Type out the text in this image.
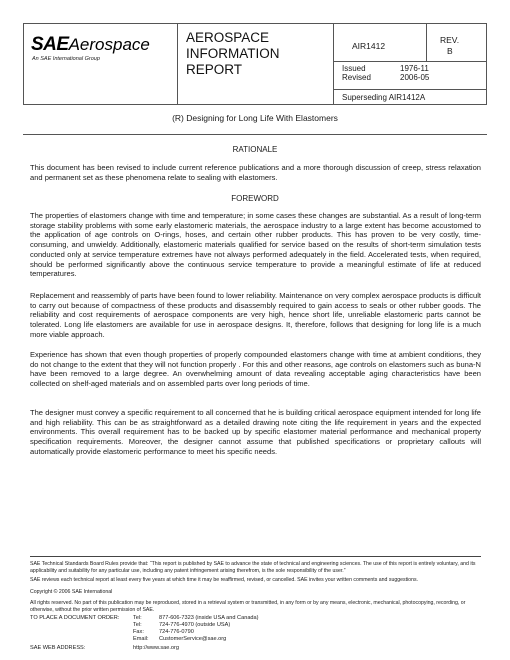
SAEAerospace
An SAE International Group
AEROSPACE
INFORMATION
REPORT
AIR1412
REV.
B
Issued	1976-11
Revised	2006-05
Superseding AIR1412A
(R) Designing for Long Life With Elastomers
RATIONALE
This document has been revised to include current reference publications and a more thorough discussion of creep, stress relaxation and permanent set as these phenomena relate to sealing with elastomers.
FOREWORD
The properties of elastomers change with time and temperature; in some cases these changes are substantial. As a result of long-term storage stability problems with some early elastomeric materials, the aerospace industry to a large extent has become accustomed to the application of age controls on O-rings, hoses, and certain other rubber products. This has proven to be very costly, time-consuming, and unwieldy. Additionally, elastomeric materials qualified for service based on the results of short-term simulation tests conducted only at service temperature extremes have not always performed adequately in the field. Accelerated tests, when required, should be performed significantly above the continuous service temperature to provide a meaningful estimate of life at reduced temperatures.
Replacement and reassembly of parts have been found to lower reliability. Maintenance on very complex aerospace products is difficult to carry out because of compactness of these products and disassembly required to gain access to seals or other rubber goods. The reliability and cost requirements of aerospace components are very high, hence short life, unreliable elastomeric parts cannot be tolerated. Long life elastomers are available for use in aerospace designs. It, therefore, follows that designing for long life is a much more viable approach.
Experience has shown that even though properties of properly compounded elastomers change with time at ambient conditions, they do not change to the extent that they will not function properly . For this and other reasons, age controls on elastomers such as buna-N have been removed to a large degree. An overwhelming amount of data revealing acceptable aging characteristics have been collected on shelf-aged materials and on assembled parts over long periods of time.
The designer must convey a specific requirement to all concerned that he is building critical aerospace equipment intended for long life and high reliability. This can be as straightforward as a detailed drawing note citing the life requirement in years and the expected environments. This overall requirement has to be backed up by specific elastomer material performance and mechanical property specification requirements. Moreover, the designer cannot assume that published specifications or proprietary callouts will automatically provide elastomeric performance to meet his specific needs.
SAE Technical Standards Board Rules provide that: “This report is published by SAE to advance the state of technical and engineering sciences. The use of this report is entirely voluntary, and its applicability and suitability for any particular use, including any patent infringement arising therefrom, is the sole responsibility of the user.”
SAE reviews each technical report at least every five years at which time it may be reaffirmed, revised, or cancelled. SAE invites your written comments and suggestions.
Copyright © 2006 SAE International
All rights reserved. No part of this publication may be reproduced, stored in a retrieval system or transmitted, in any form or by any means, electronic, mechanical, photocopying, recording, or otherwise, without the prior written permission of SAE.
TO PLACE A DOCUMENT ORDER: Tel:	877-606-7323 (inside USA and Canada)
Tel:	724-776-4970 (outside USA)
Fax:	724-776-0790
Email: CustomerService@sae.org
SAE WEB ADDRESS:	http://www.sae.org
